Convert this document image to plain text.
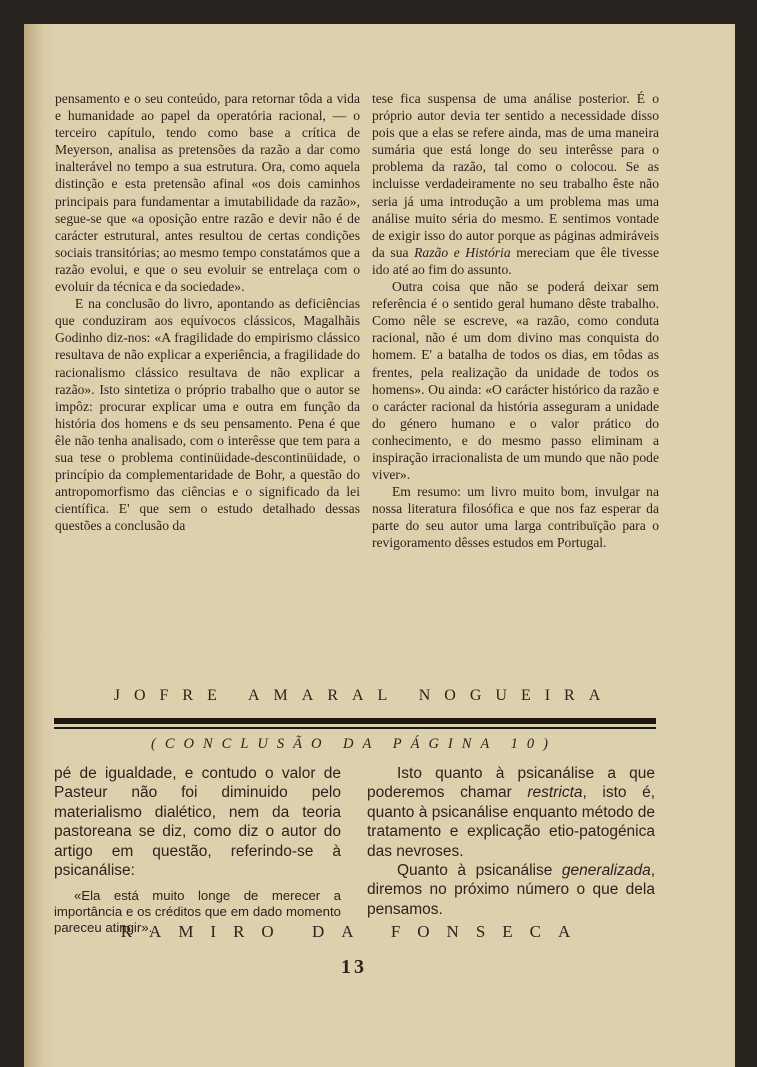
pensamento e o seu conteúdo, para retornar tôda a vida e humanidade ao papel da operatória racional, — o terceiro capítulo, tendo como base a crítica de Meyerson, analisa as pretensões da razão a dar como inalterável no tempo a sua estrutura. Ora, como aquela distinção e esta pretensão afinal «os dois caminhos principais para fundamentar a imutabilidade da razão», segue-se que «a oposição entre razão e devir não é de carácter estrutural, antes resultou de certas condições sociais transitórias; ao mesmo tempo constatámos que a razão evolui, e que o seu evoluir se entrelaça com o evoluir da técnica e da sociedade».

E na conclusão do livro, apontando as deficiências que conduziram aos equívocos clássicos, Magalhãis Godinho diz-nos: «A fragilidade do empirismo clássico resultava de não explicar a experiência, a fragilidade do racionalismo clássico resultava de não explicar a razão». Isto sintetiza o próprio trabalho que o autor se impôz: procurar explicar uma e outra em função da história dos homens e ds seu pensamento. Pena é que êle não tenha analisado, com o interêsse que tem para a sua tese o problema continüidade-descontinüidade, o princípio da complementaridade de Bohr, a questão do antropomorfismo das ciências e o significado da lei científica. E' que sem o estudo detalhado dessas questões a conclusão da

tese fica suspensa de uma análise posterior. É o próprio autor devia ter sentido a necessidade disso pois que a elas se refere ainda, mas de uma maneira sumária que está longe do seu interêsse para o problema da razão, tal como o colocou. Se as incluisse verdadeiramente no seu trabalho êste não seria já uma introdução a um problema mas uma análise muito séria do mesmo. E sentimos vontade de exigir isso do autor porque as páginas admiráveis da sua Razão e História mereciam que êle tivesse ido até ao fim do assunto.

Outra coisa que não se poderá deixar sem referência é o sentido geral humano dêste trabalho. Como nêle se escreve, «a razão, como conduta racional, não é um dom divino mas conquista do homem. E' a batalha de todos os dias, em tôdas as frentes, pela realização da unidade de todos os homens». Ou ainda: «O carácter histórico da razão e o carácter racional da história asseguram a unidade do género humano e o valor prático do conhecimento, e do mesmo passo eliminam a inspiração irracionalista de um mundo que não pode viver».

Em resumo: um livro muito bom, invulgar na nossa literatura filosófica e que nos faz esperar da parte do seu autor uma larga contribuïção para o revigoramento dêsses estudos em Portugal.

JOFRE AMARAL NOGUEIRA
(CONCLUSÃO DA PÁGINA 10)

pé de igualdade, e contudo o valor de Pasteur não foi diminuido pelo materialismo dialético, nem da teoria pastoreana se diz, como diz o autor do artigo em questão, referindo-se à psicanálise:

«Ela está muito longe de merecer a importância e os créditos que em dado momento pareceu atingir».

Isto quanto à psicanálise a que poderemos chamar restricta, isto é, quanto à psicanálise enquanto método de tratamento e explicação etio-patogénica das nevroses.

Quanto à psicanálise generalizada, diremos no próximo número o que dela pensamos.

RAMIRO DA FONSECA
13
